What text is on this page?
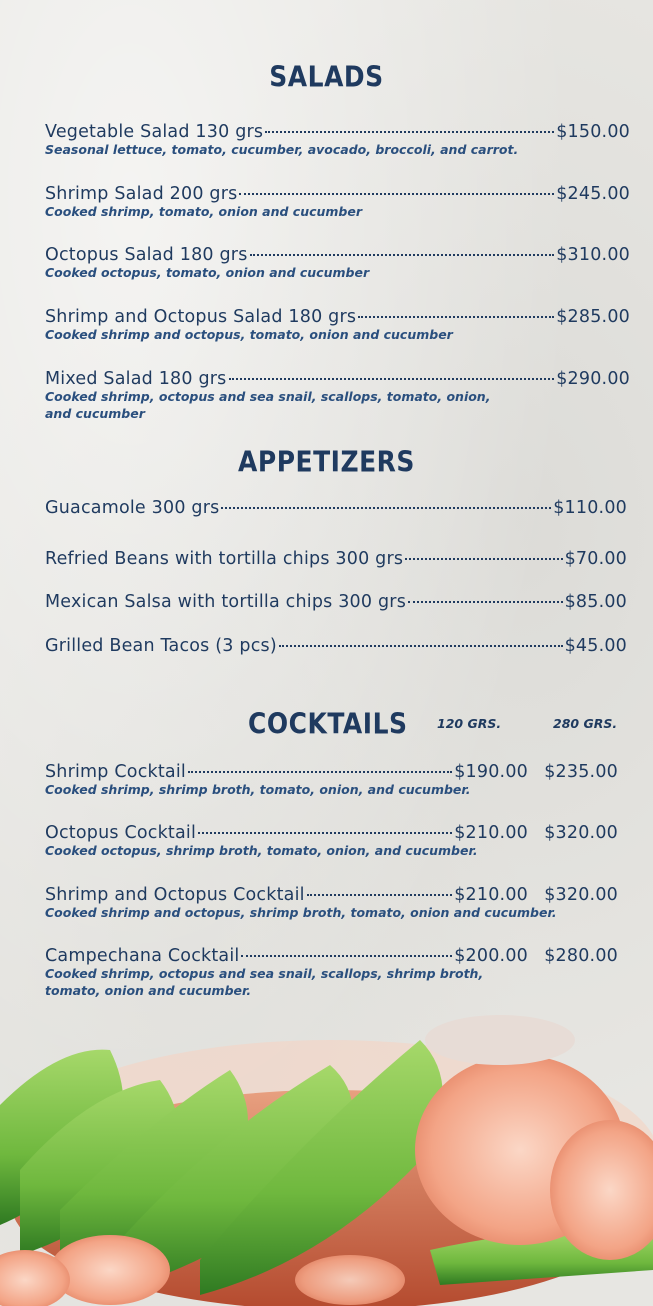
SALADS
Vegetable Salad 130 grs	$150.00
Seasonal lettuce, tomato, cucumber, avocado, broccoli, and carrot.
Shrimp Salad 200 grs	$245.00
Cooked shrimp, tomato, onion and cucumber
Octopus Salad 180 grs	$310.00
Cooked octopus, tomato, onion and cucumber
Shrimp and Octopus Salad 180 grs	$285.00
Cooked shrimp and octopus, tomato, onion and cucumber
Mixed Salad 180 grs	$290.00
Cooked shrimp, octopus and sea snail, scallops, tomato, onion,
and cucumber
APPETIZERS
Guacamole 300 grs	$110.00
Refried Beans with tortilla chips 300 grs	$70.00
Mexican Salsa with tortilla chips 300 grs	$85.00
Grilled Bean Tacos (3 pcs)	$45.00
COCKTAILS	120 GRS.	280 GRS.
Shrimp Cocktail	$190.00 $235.00
Cooked shrimp, shrimp broth, tomato, onion, and cucumber.
Octopus Cocktail	$210.00 $320.00
Cooked octopus, shrimp broth, tomato, onion, and cucumber.
Shrimp and Octopus Cocktail	$210.00 $320.00
Cooked shrimp and octopus, shrimp broth, tomato, onion and cucumber.
Campechana Cocktail	$200.00 $280.00
Cooked shrimp, octopus and sea snail, scallops, shrimp broth,
tomato, onion and cucumber.
